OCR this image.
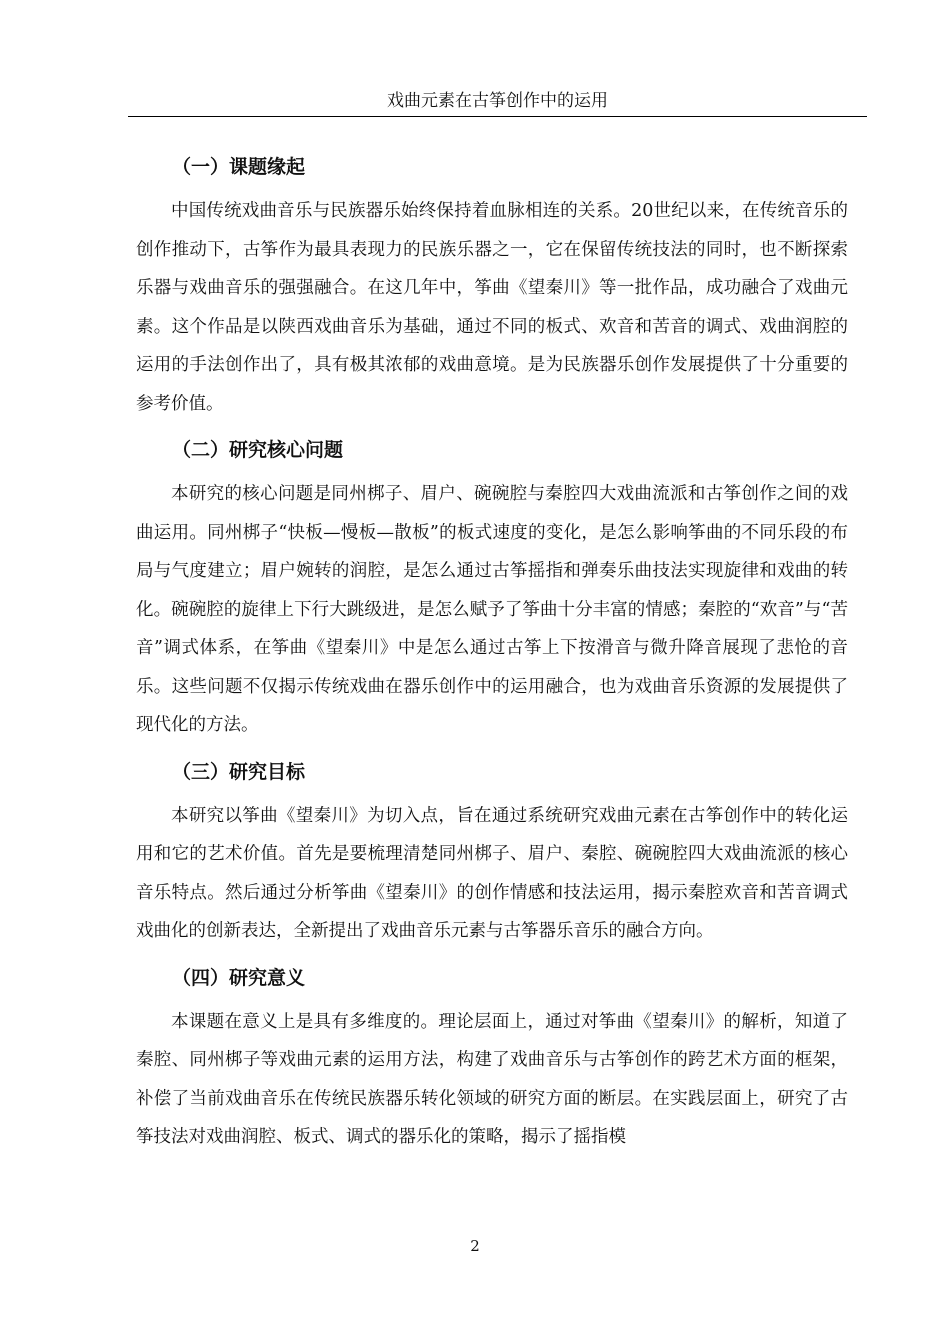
戏曲元素在古筝创作中的运用
（一）课题缘起

中国传统戏曲音乐与民族器乐始终保持着血脉相连的关系。20世纪以来，在传统音乐的创作推动下，古筝作为最具表现力的民族乐器之一，它在保留传统技法的同时，也不断探索乐器与戏曲音乐的强强融合。在这几年中，筝曲《望秦川》等一批作品，成功融合了戏曲元素。这个作品是以陕西戏曲音乐为基础，通过不同的板式、欢音和苦音的调式、戏曲润腔的运用的手法创作出了，具有极其浓郁的戏曲意境。是为民族器乐创作发展提供了十分重要的参考价值。

（二）研究核心问题

本研究的核心问题是同州梆子、眉户、碗碗腔与秦腔四大戏曲流派和古筝创作之间的戏曲运用。同州梆子“快板—慢板—散板”的板式速度的变化，是怎么影响筝曲的不同乐段的布局与气度建立；眉户婉转的润腔，是怎么通过古筝摇指和弹奏乐曲技法实现旋律和戏曲的转化。碗碗腔的旋律上下行大跳级进，是怎么赋予了筝曲十分丰富的情感；秦腔的“欢音”与“苦音”调式体系，在筝曲《望秦川》中是怎么通过古筝上下按滑音与微升降音展现了悲怆的音乐。这些问题不仅揭示传统戏曲在器乐创作中的运用融合，也为戏曲音乐资源的发展提供了现代化的方法。

（三）研究目标

本研究以筝曲《望秦川》为切入点，旨在通过系统研究戏曲元素在古筝创作中的转化运用和它的艺术价值。首先是要梳理清楚同州梆子、眉户、秦腔、碗碗腔四大戏曲流派的核心音乐特点。然后通过分析筝曲《望秦川》的创作情感和技法运用，揭示秦腔欢音和苦音调式戏曲化的创新表达，全新提出了戏曲音乐元素与古筝器乐音乐的融合方向。

（四）研究意义

本课题在意义上是具有多维度的。理论层面上，通过对筝曲《望秦川》的解析，知道了秦腔、同州梆子等戏曲元素的运用方法，构建了戏曲音乐与古筝创作的跨艺术方面的框架，补偿了当前戏曲音乐在传统民族器乐转化领域的研究方面的断层。在实践层面上，研究了古筝技法对戏曲润腔、板式、调式的器乐化的策略，揭示了摇指模

2
